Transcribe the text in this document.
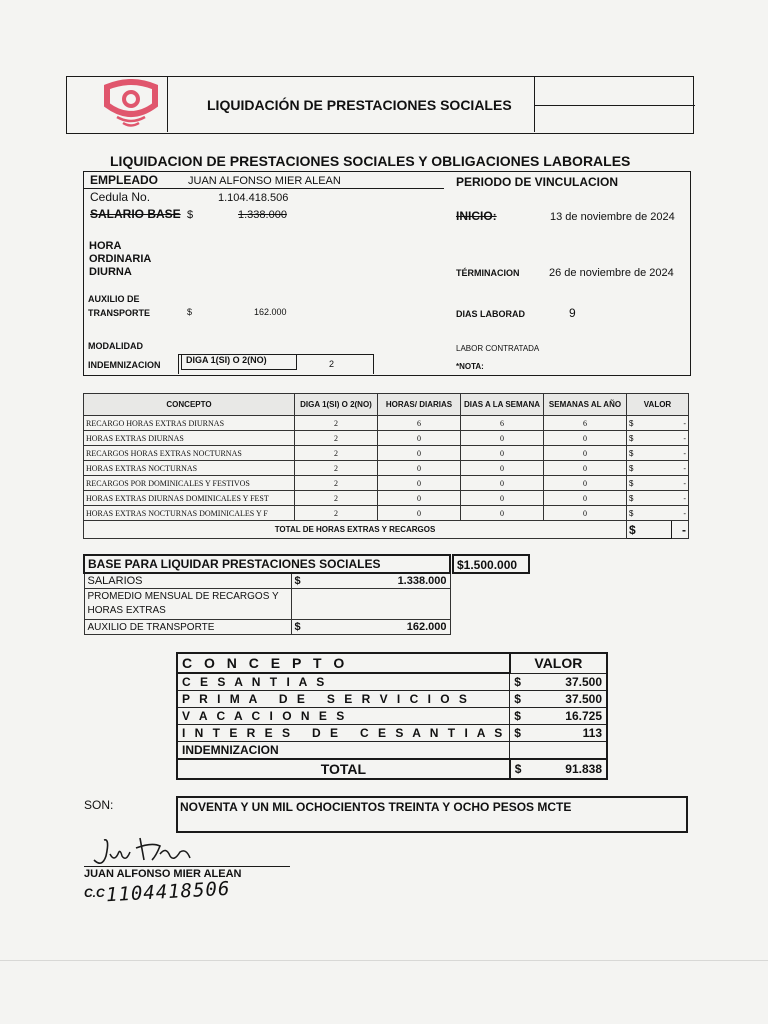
LIQUIDACIÓN DE PRESTACIONES SOCIALES
LIQUIDACION DE PRESTACIONES SOCIALES Y OBLIGACIONES LABORALES
EMPLEADO	JUAN ALFONSO MIER ALEAN
Cedula No.	1.104.418.506
SALARIO BASE $	1.338.000
HORA
ORDINARIA
DIURNA
AUXILIO DE
TRANSPORTE	$	162.000
MODALIDAD
INDEMNIZACION	DIGA 1(SI) O 2(NO)	2
PERIODO DE VINCULACION
INICIO:	13 de noviembre de 2024
TÉRMINACION	26 de noviembre de 2024
DIAS LABORAD	9
LABOR CONTRATADA
*NOTA:
CONCEPTO	DIGA 1(SI) O 2(NO)	HORAS/ DIARIAS	DIAS A LA SEMANA	SEMANAS AL AÑO	VALOR	
RECARGO HORAS EXTRAS DIURNAS	2	6	6	6	$	-
HORAS EXTRAS DIURNAS	2	0	0	0	$	-
RECARGOS HORAS EXTRAS NOCTURNAS	2	0	0	0	$	-
HORAS EXTRAS NOCTURNAS	2	0	0	0	$	-
RECARGOS POR DOMINICALES Y FESTIVOS	2	0	0	0	$	-
HORAS EXTRAS DIURNAS DOMINICALES Y FEST	2	0	0	0	$	-
HORAS EXTRAS NOCTURNAS DOMINICALES Y F	2	0	0	0	$	-
TOTAL DE HORAS EXTRAS Y RECARGOS					$	-
BASE PARA LIQUIDAR PRESTACIONES SOCIALES	
SALARIOS	$ 1.338.000

PROMEDIO MENSUAL DE RECARGOS Y
HORAS EXTRAS	

AUXILIO DE TRANSPORTE	$ 162.000
$1.500.000
C O N C E P T O	VALOR	
C E S A N T I A S	$	37.500
P R I M A   D E   S E R V I C I O S	$	37.500
V A C A C I O N E S	$	16.725
I N T E R E S   D E   C E S A N T I A S	$	113
INDEMNIZACION		
TOTAL	$	91.838
SON:	NOVENTA Y UN MIL OCHOCIENTOS TREINTA Y OCHO PESOS MCTE
JUAN ALFONSO MIER ALEAN
C.C 1104418506
